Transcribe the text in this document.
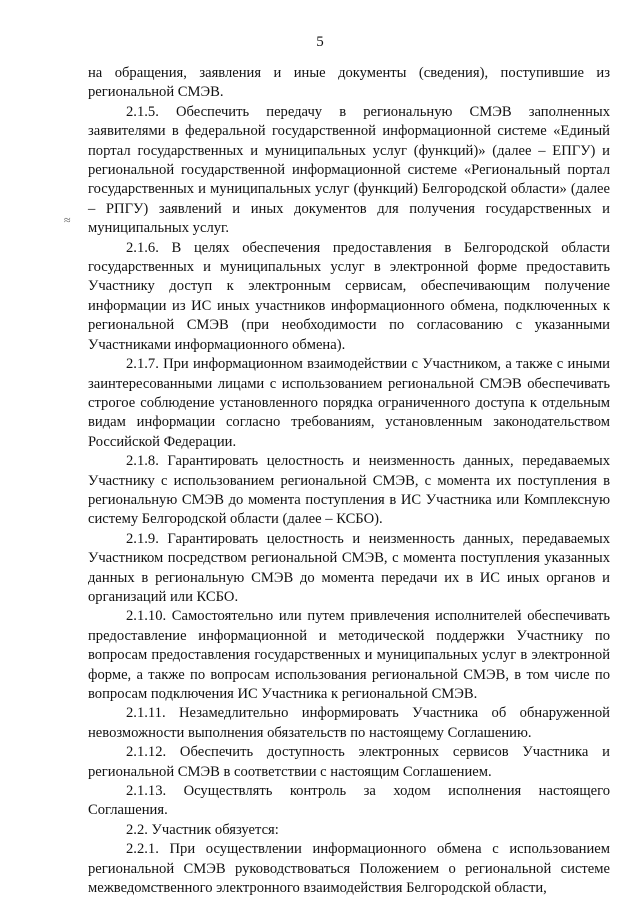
5
≈

на обращения, заявления и иные документы (сведения), поступившие из региональной СМЭВ.

2.1.5. Обеспечить передачу в региональную СМЭВ заполненных заявителями в федеральной государственной информационной системе «Единый портал государственных и муниципальных услуг (функций)» (далее – ЕПГУ) и региональной государственной информационной системе «Региональный портал государственных и муниципальных услуг (функций) Белгородской области» (далее – РПГУ) заявлений и иных документов для получения государственных и муниципальных услуг.

2.1.6. В целях обеспечения предоставления в Белгородской области государственных и муниципальных услуг в электронной форме предоставить Участнику доступ к электронным сервисам, обеспечивающим получение информации из ИС иных участников информационного обмена, подключенных к региональной СМЭВ (при необходимости по согласованию с указанными Участниками информационного обмена).

2.1.7. При информационном взаимодействии с Участником, а также с иными заинтересованными лицами с использованием региональной СМЭВ обеспечивать строгое соблюдение установленного порядка ограниченного доступа к отдельным видам информации согласно требованиям, установленным законодательством Российской Федерации.

2.1.8. Гарантировать целостность и неизменность данных, передаваемых Участнику с использованием региональной СМЭВ, с момента их поступления в региональную СМЭВ до момента поступления в ИС Участника или Комплексную систему Белгородской области (далее – КСБО).

2.1.9. Гарантировать целостность и неизменность данных, передаваемых Участником посредством региональной СМЭВ, с момента поступления указанных данных в региональную СМЭВ до момента передачи их в ИС иных органов и организаций или КСБО.

2.1.10. Самостоятельно или путем привлечения исполнителей обеспечивать предоставление информационной и методической поддержки Участнику по вопросам предоставления государственных и муниципальных услуг в электронной форме, а также по вопросам использования региональной СМЭВ, в том числе по вопросам подключения ИС Участника к региональной СМЭВ.

2.1.11. Незамедлительно информировать Участника об обнаруженной невозможности выполнения обязательств по настоящему Соглашению.

2.1.12. Обеспечить доступность электронных сервисов Участника и региональной СМЭВ в соответствии с настоящим Соглашением.

2.1.13. Осуществлять контроль за ходом исполнения настоящего Соглашения.

2.2. Участник обязуется:

2.2.1. При осуществлении информационного обмена с использованием региональной СМЭВ руководствоваться Положением о региональной системе межведомственного электронного взаимодействия Белгородской области,
